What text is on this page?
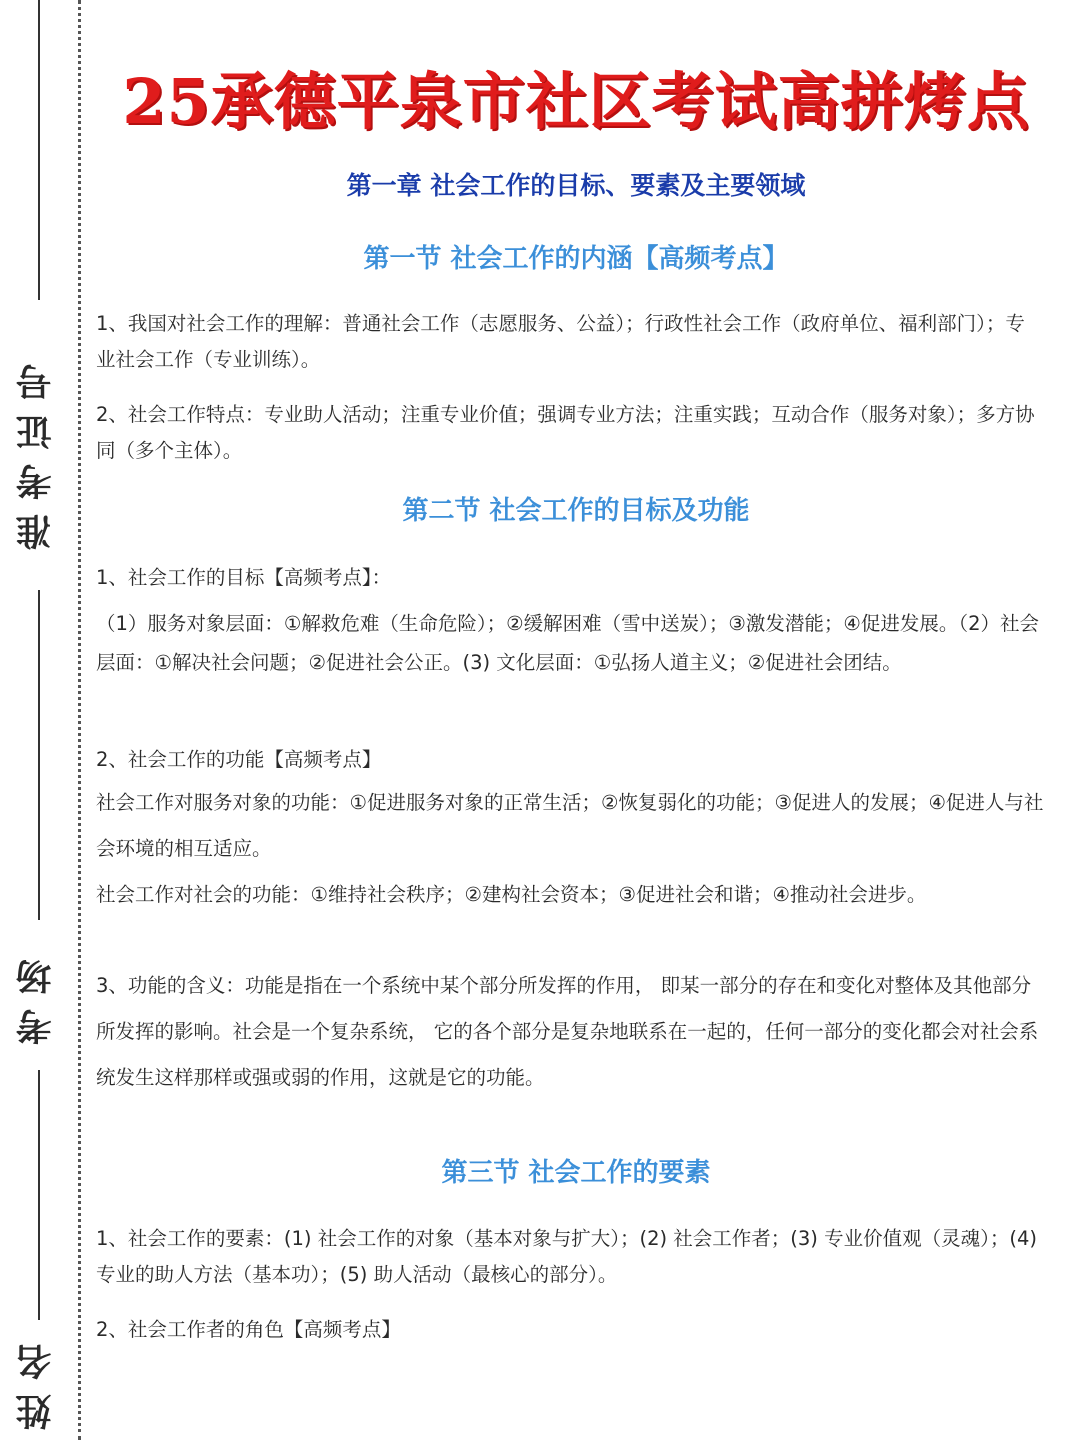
准考证号
考场
姓名
25承德平泉市社区考试高拼烤点
第一章 社会工作的目标、要素及主要领域
第一节 社会工作的内涵【高频考点】

1、我国对社会工作的理解：普通社会工作（志愿服务、公益）；行政性社会工作（政府单位、福利部门）；专业社会工作（专业训练）。

2、社会工作特点：专业助人活动；注重专业价值；强调专业方法；注重实践；互动合作（服务对象）；多方协同（多个主体）。

第二节 社会工作的目标及功能

1、社会工作的目标【高频考点】：

（1）服务对象层面：①解救危难（生命危险）；②缓解困难（雪中送炭）；③激发潜能；④促进发展。（2）社会层面：①解决社会问题；②促进社会公正。(3) 文化层面：①弘扬人道主义；②促进社会团结。

2、社会工作的功能【高频考点】

社会工作对服务对象的功能：①促进服务对象的正常生活；②恢复弱化的功能；③促进人的发展；④促进人与社会环境的相互适应。

社会工作对社会的功能：①维持社会秩序；②建构社会资本；③促进社会和谐；④推动社会进步。

3、功能的含义：功能是指在一个系统中某个部分所发挥的作用， 即某一部分的存在和变化对整体及其他部分所发挥的影响。社会是一个复杂系统， 它的各个部分是复杂地联系在一起的，任何一部分的变化都会对社会系统发生这样那样或强或弱的作用，这就是它的功能。

第三节 社会工作的要素

1、社会工作的要素：(1) 社会工作的对象（基本对象与扩大）；(2) 社会工作者；(3) 专业价值观（灵魂）；(4) 专业的助人方法（基本功）；(5) 助人活动（最核心的部分）。

2、社会工作者的角色【高频考点】
